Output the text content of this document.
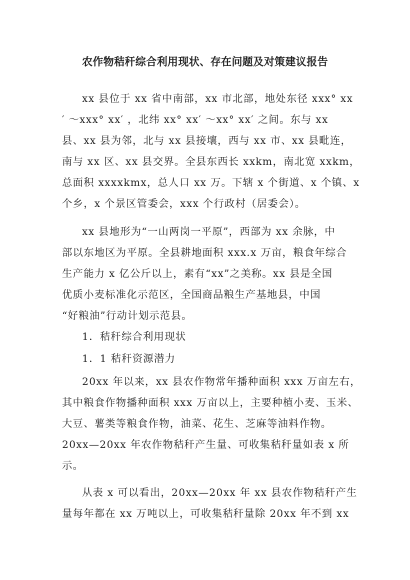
农作物秸秆综合利用现状、存在问题及对策建议报告
xx 县位于 xx 省中南部，xx 市北部，地处东径 xxx° xx
′ ～xxx° xx′ ，北纬 xx° xx′ ～xx° xx′ 之间。东与 xx
县、xx 县为邻，北与 xx 县接壤，西与 xx 市、xx 县毗连，
南与 xx 区、xx 县交界。全县东西长 xxkm，南北宽 xxkm，
总面积 xxxxkmx，总人口 xx 万。下辖 x 个街道、x 个镇、x
个乡，x 个景区管委会，xxx 个行政村（居委会）。
xx 县地形为“一山两岗一平原”，西部为 xx 余脉，中
部以东地区为平原。全县耕地面积 xxx.x 万亩，粮食年综合
生产能力 x 亿公斤以上，素有“xx”之美称。xx 县是全国
优质小麦标准化示范区，全国商品粮生产基地县，中国
“好粮油”行动计划示范县。
1．秸秆综合利用现状
1．1 秸秆资源潜力
20xx 年以来，xx 县农作物常年播种面积 xxx 万亩左右，
其中粮食作物播种面积 xxx 万亩以上，主要种植小麦、玉米、
大豆、薯类等粮食作物，油菜、花生、芝麻等油料作物。
20xx—20xx 年农作物秸秆产生量、可收集秸秆量如表 x 所
示。
从表 x 可以看出，20xx—20xx 年 xx 县农作物秸秆产生
量每年都在 xx 万吨以上，可收集秸秆量除 20xx 年不到 xx
